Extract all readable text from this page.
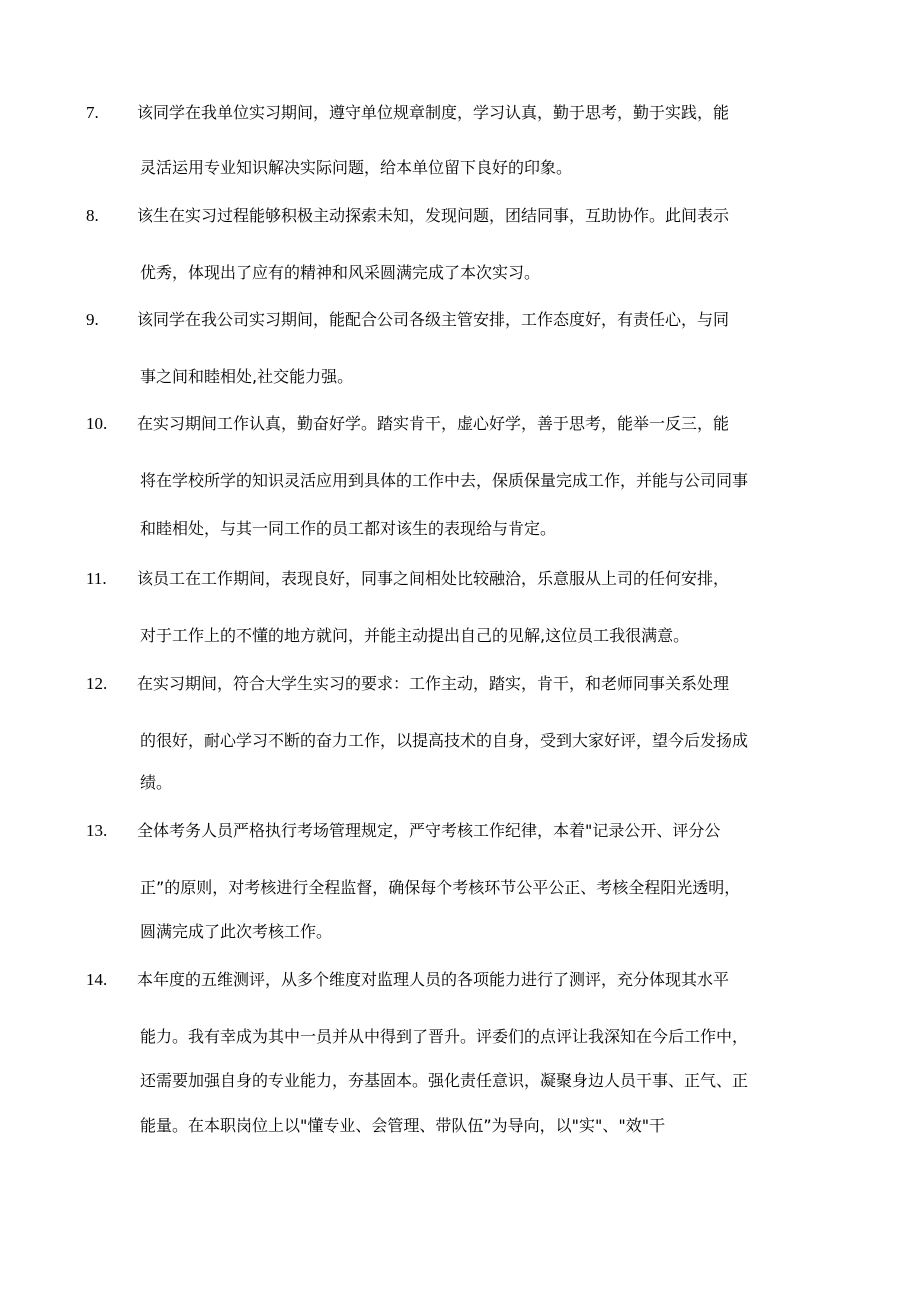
7. 该同学在我单位实习期间，遵守单位规章制度，学习认真，勤于思考，勤于实践，能
灵活运用专业知识解决实际问题，给本单位留下良好的印象。
8. 该生在实习过程能够积极主动探索未知，发现问题，团结同事，互助协作。此间表示
优秀，体现出了应有的精神和风采圆满完成了本次实习。
9. 该同学在我公司实习期间，能配合公司各级主管安排，工作态度好，有责任心，与同
事之间和睦相处,社交能力强。
10. 在实习期间工作认真，勤奋好学。踏实肯干，虚心好学，善于思考，能举一反三，能
将在学校所学的知识灵活应用到具体的工作中去，保质保量完成工作，并能与公司同事
和睦相处，与其一同工作的员工都对该生的表现给与肯定。
11. 该员工在工作期间，表现良好，同事之间相处比较融洽，乐意服从上司的任何安排，
对于工作上的不懂的地方就问，并能主动提出自己的见解,这位员工我很满意。
12. 在实习期间，符合大学生实习的要求：工作主动，踏实，肯干，和老师同事关系处理
的很好，耐心学习不断的奋力工作，以提高技术的自身，受到大家好评，望今后发扬成
绩。
13. 全体考务人员严格执行考场管理规定，严守考核工作纪律，本着"记录公开、评分公
正”的原则，对考核进行全程监督，确保每个考核环节公平公正、考核全程阳光透明，
圆满完成了此次考核工作。
14. 本年度的五维测评，从多个维度对监理人员的各项能力进行了测评，充分体现其水平
能力。我有幸成为其中一员并从中得到了晋升。评委们的点评让我深知在今后工作中，
还需要加强自身的专业能力，夯基固本。强化责任意识，凝聚身边人员干事、正气、正
能量。在本职岗位上以"懂专业、会管理、带队伍”为导向，以"实"、"效"干
